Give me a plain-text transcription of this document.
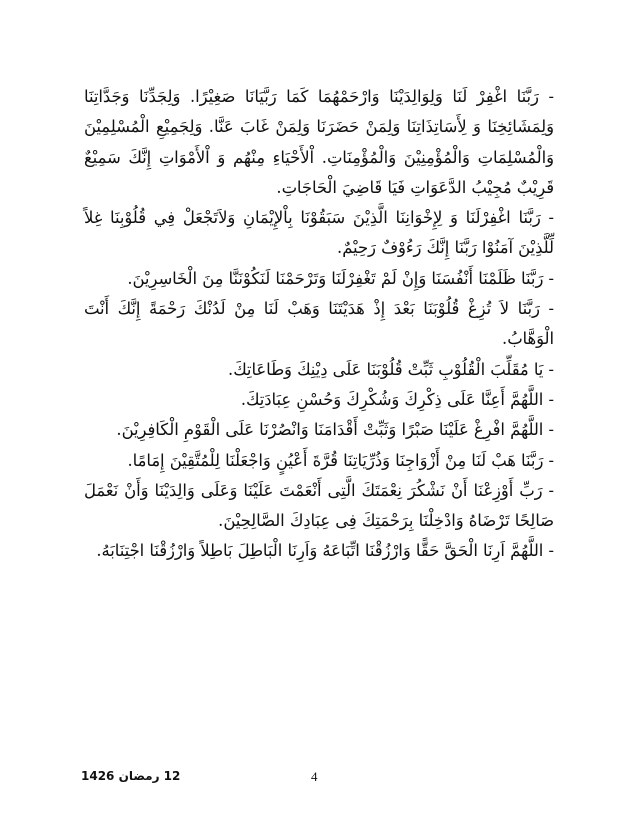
- رَبَّنَا اغْفِرْ لَنَا وَلِوَالِدَيْنَا وَارْحَمْهُمَا كَمَا رَبَّيَانَا صَغِيْرًا. وَلِجَدِّنَا وَجَدَّاتِنَا وَلِمَشَائِخِنَا وَ لِأَسَاتِذَاتِنَا وَلِمَنْ حَضَرَنَا وَلِمَنْ غَابَ عَنَّا. وَلِجَمِيْعِ الْمُسْلِمِيْنَ وَالْمُسْلِمَاتِ وَالْمُؤْمِنِيْنَ وَالْمُؤْمِنَاتِ. اْلأَحْيَاءِ مِنْهُم وَ اْلأَمْوَاتِ إِنَّكَ سَمِيْعٌ قَرِيْبٌ مُجِيْبُ الدَّعَوَاتِ فَيَا قَاضِيَ الْحَاجَاتِ.

- رَبَّنَا اغْفِرْلَنَا وَ لِإِخْوَانِنَا الَّذِيْنَ سَبَقُوْنَا بِاْلإِيْمَانِ وَلاَتَجْعَلْ فِي قُلُوْبِنَا غِلاً لِّلَّذِيْنَ آمَنُوْا رَبَّنَا إِنَّكَ رَءُوْفٌ رَحِيْمٌ.

- رَبَّنَا ظَلَمْنَا أَنْفُسَنَا وَإِنْ لَمْ تَغْفِرْلَنَا وَتَرْحَمْنَا لَنَكُوْنَنَّا مِنَ الْخَاسِرِيْنَ.

- رَبَّنَا لاَ تُزِغْ قُلُوْبَنَا بَعْدَ إِذْ هَدَيْتَنَا وَهَبْ لَنَا مِنْ لَدُنْكَ رَحْمَةً إِنَّكَ أَنْتَ الْوَهَّابُ.

- يَا مُقَلِّبَ الْقُلُوْبِ ثَبِّتْ قُلُوْبَنَا عَلَى دِيْنِكَ وَطَاعَاتِكَ.

- اللَّهُمَّ أَعِنَّا عَلَى ذِكْرِكَ وَشُكْرِكَ وَحُسْنِ عِبَادَتِكَ.

- اللَّهُمَّ افْرِغْ عَلَيْنَا صَبْرًا وَثَبِّتْ أَقْدَامَنَا وَانْصُرْنَا عَلَى الْقَوْمِ الْكَافِرِيْنَ.

- رَبَّنَا هَبْ لَنَا مِنْ أَزْوَاجِنَا وَذُرِّيَاتِنَا قُرَّةَ أَعْيُنٍ وَاجْعَلْنَا لِلْمُتَّقِيْنَ إِمَامًا.

- رَبِّ أَوْزِعْنَا أَنْ نَشْكُرَ نِعْمَتَكَ الَّتِى أَنْعَمْتَ عَلَيْنَا وَعَلَى وَالِدَيْنَا وَأَنْ نَعْمَلَ صَالِحًا تَرْضَاهُ وَادْخِلْنَا بِرَحْمَتِكَ فِى عِبَادِكَ الصَّالِحِيْنَ.

- اللَّهُمَّ اَرِنَا الْحَقَّ حَقًّا وَارْزُقْنَا اتِّبَاعَهُ وَاَرِنَا الْبَاطِلَ بَاطِلاً وَارْزُقْنَا اجْتِنَابَهُ.

12 رمضان 1426	4
